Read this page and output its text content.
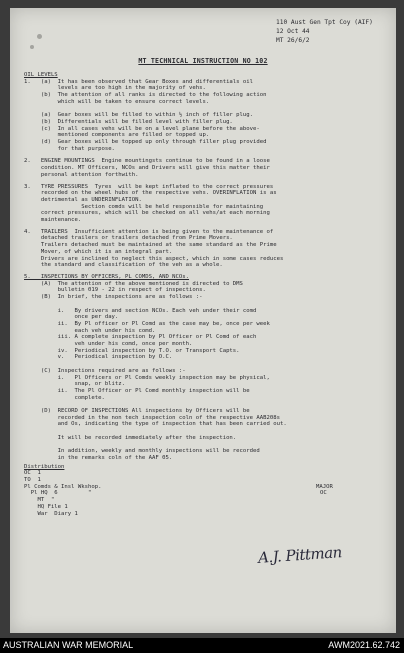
110 Aust Gen Tpt Coy (AIF)
12 Oct 44
MT 26/6/2
MT TECHNICAL INSTRUCTION NO 102
OIL LEVELS
1.   (a)  It has been observed that Gear Boxes and differentials oil
levels are too high in the majority of vehs.
(b)  The attention of all ranks is directed to the following action
which will be taken to ensure correct levels.

(a)  Gear boxes will be filled to within ½ inch of filler plug.
(b)  Differentials will be filled level with filler plug.
(c)  In all cases vehs will be on a level plane before the above-
mentioned components are filled or topped up.
(d)  Gear boxes will be topped up only through filler plug provided
for that purpose.
2.   ENGINE MOUNTINGS  Engine mountingsts continue to be found in a loose
condition. MT Officers, NCOs and Drivers will give this matter their
personal attention forthwith.
3.   TYRE PRESSURES  Tyres  will be kept inflated to the correct pressures
recorded on the wheel hubs of the respective vehs. OVERINFLATION is as
detrimental as UNDERINFLATION.
Section comds will be held responsible for maintaining
correct pressures, which will be checked on all vehs/at each morning
maintenance.
4.   TRAILERS  Insufficient attention is being given to the maintenance of
detached trailers or trailers detached from Prime Movers.
Trailers detached must be maintained at the same standard as the Prime
Mover, of which it is an integral part.
Drivers are inclined to neglect this aspect, which in some cases reduces
the standard and classification of the veh as a whole.
5.   INSPECTIONS BY OFFICERS, PL COMDS, AND NCOs.
(A)  The attention of the above mentioned is directed to DMS
bulletin 019 - 22 in respect of inspections.
(B)  In brief, the inspections are as follows :-

i.   By drivers and section NCOs. Each veh under their comd
once per day.
ii.  By Pl officer or Pl Comd as the case may be, once per week
each veh under his comd.
iii. A complete inspection by Pl Officer or Pl Comd of each
veh under his comd, once per month.
iv.  Periodical inspection by T.O. or Transport Capts.
v.   Periodical inspection by O.C.

(C)  Inspections required are as follows :-
i.   Pl Officers or Pl Comds weekly inspection may be physical,
snap, or blitz.
ii.  The Pl Officer or Pl Comd monthly inspection will be
complete.

(D)  RECORD OF INSPECTIONS All inspections by Officers will be
recorded in the non tech inspection coln of the respective AAB208s
and Os, indicating the type of inspection that has been carried out.

It will be recorded immediately after the inspection.

In addition, weekly and monthly inspections will be recorded
in the remarks coln of the AAF 05.
Distribution
OC  1
TO  1
Pl Comds & Insl Wkshop.
Pl HQ  6         "
MT  "
HQ File 1
War  Diary 1
MAJOR
OC
A.J. Pittman
AUSTRALIAN WAR MEMORIAL	AWM2021.62.742
